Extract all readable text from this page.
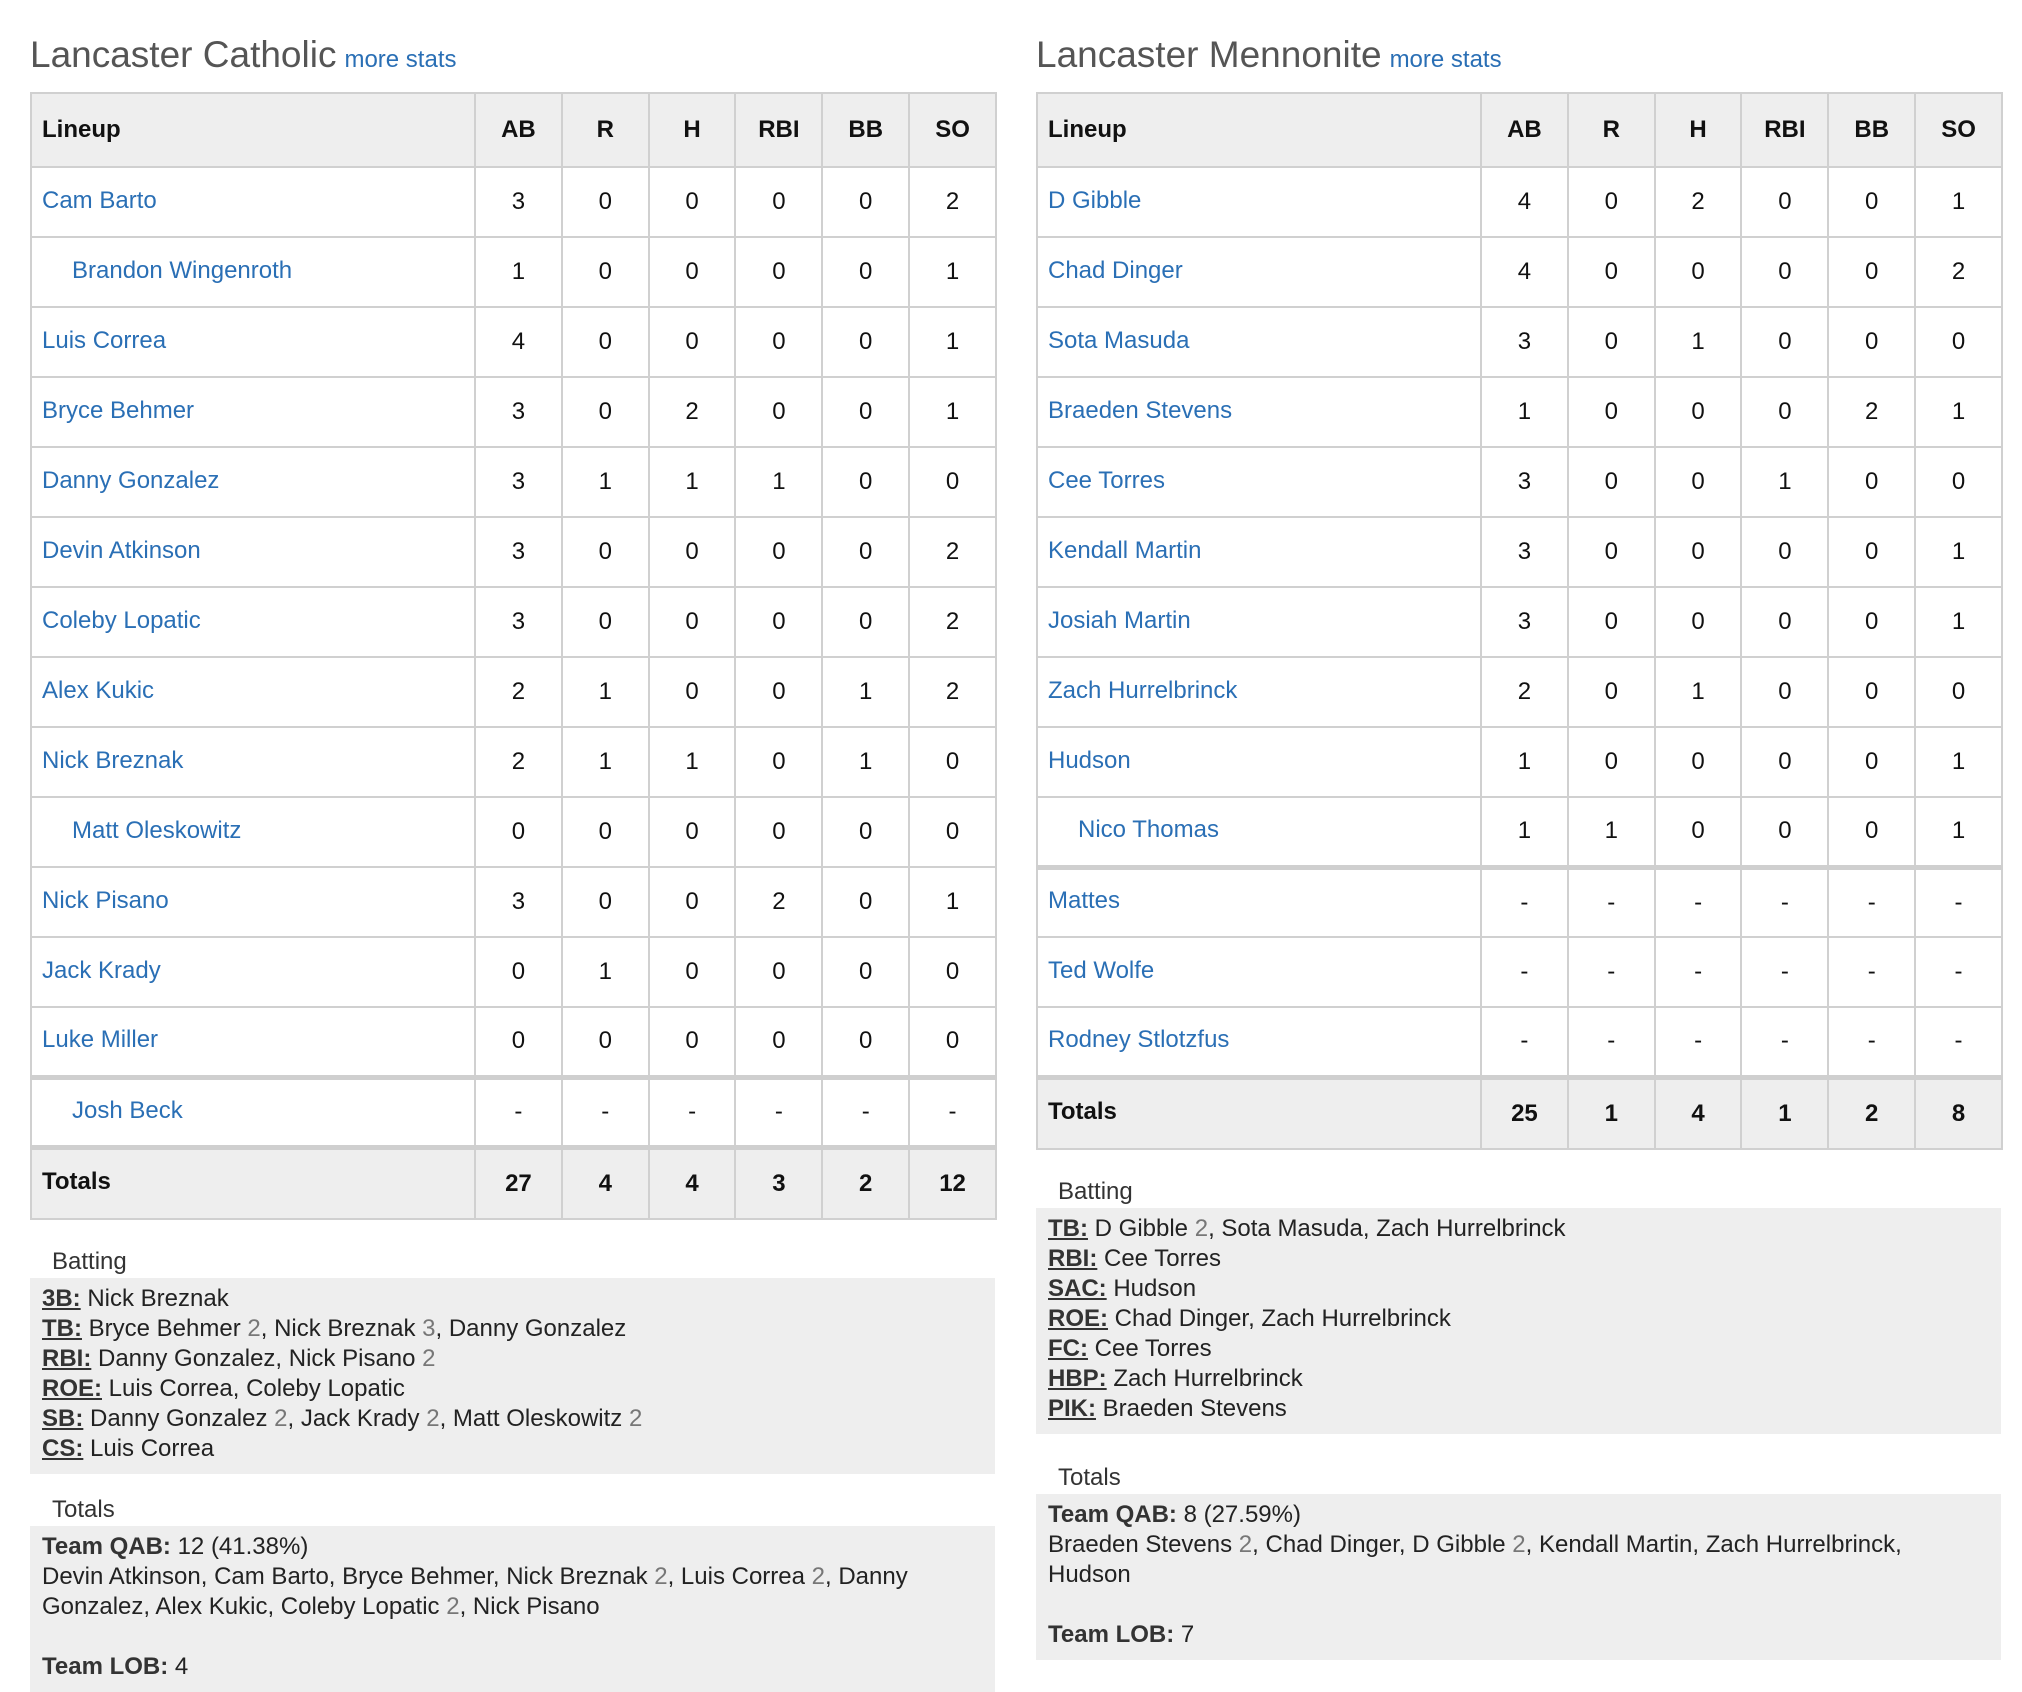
Lancaster Catholic more stats
Lineup	AB	R	H	RBI	BB	SO
Cam Barto	3	0	0	0	0	2
Brandon Wingenroth	1	0	0	0	0	1
Luis Correa	4	0	0	0	0	1
Bryce Behmer	3	0	2	0	0	1
Danny Gonzalez	3	1	1	1	0	0
Devin Atkinson	3	0	0	0	0	2
Coleby Lopatic	3	0	0	0	0	2
Alex Kukic	2	1	0	0	1	2
Nick Breznak	2	1	1	0	1	0
Matt Oleskowitz	0	0	0	0	0	0
Nick Pisano	3	0	0	2	0	1
Jack Krady	0	1	0	0	0	0
Luke Miller	0	0	0	0	0	0
Josh Beck	-	-	-	-	-	-
Totals	27	4	4	3	2	12
Batting
3B: Nick Breznak
TB: Bryce Behmer 2, Nick Breznak 3, Danny Gonzalez
RBI: Danny Gonzalez, Nick Pisano 2
ROE: Luis Correa, Coleby Lopatic
SB: Danny Gonzalez 2, Jack Krady 2, Matt Oleskowitz 2
CS: Luis Correa
Totals
Team QAB: 12 (41.38%)
Devin Atkinson, Cam Barto, Bryce Behmer, Nick Breznak 2, Luis Correa 2, Danny Gonzalez, Alex Kukic, Coleby Lopatic 2, Nick Pisano
Team LOB: 4
Lancaster Mennonite more stats
Lineup	AB	R	H	RBI	BB	SO
D Gibble	4	0	2	0	0	1
Chad Dinger	4	0	0	0	0	2
Sota Masuda	3	0	1	0	0	0
Braeden Stevens	1	0	0	0	2	1
Cee Torres	3	0	0	1	0	0
Kendall Martin	3	0	0	0	0	1
Josiah Martin	3	0	0	0	0	1
Zach Hurrelbrinck	2	0	1	0	0	0
Hudson	1	0	0	0	0	1
Nico Thomas	1	1	0	0	0	1
Mattes	-	-	-	-	-	-
Ted Wolfe	-	-	-	-	-	-
Rodney Stlotzfus	-	-	-	-	-	-
Totals	25	1	4	1	2	8
Batting
TB: D Gibble 2, Sota Masuda, Zach Hurrelbrinck
RBI: Cee Torres
SAC: Hudson
ROE: Chad Dinger, Zach Hurrelbrinck
FC: Cee Torres
HBP: Zach Hurrelbrinck
PIK: Braeden Stevens
Totals
Team QAB: 8 (27.59%)
Braeden Stevens 2, Chad Dinger, D Gibble 2, Kendall Martin, Zach Hurrelbrinck, Hudson
Team LOB: 7
